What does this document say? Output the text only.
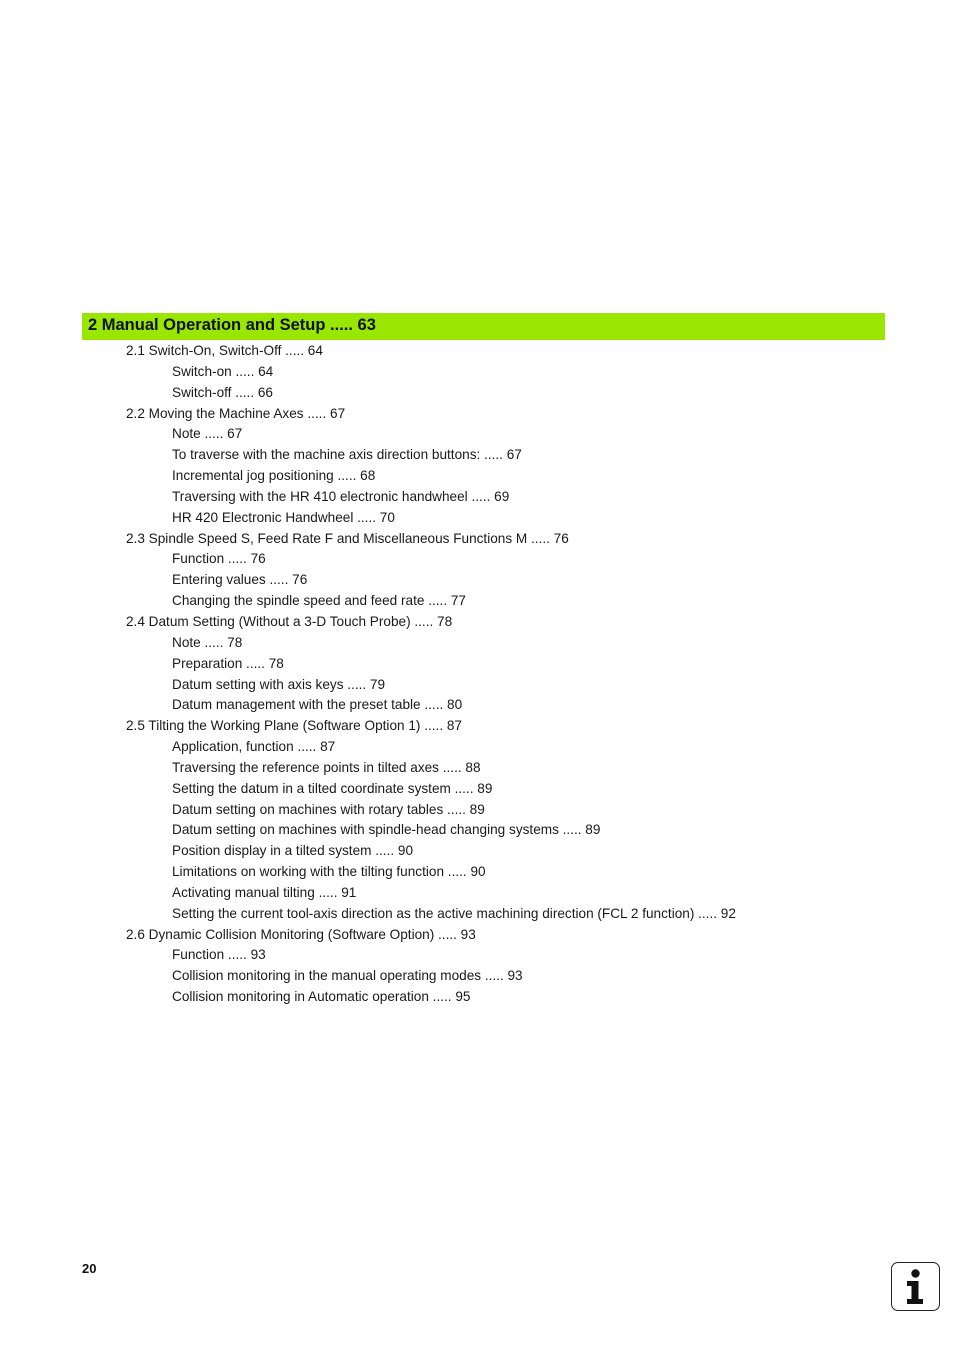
2 Manual Operation and Setup ..... 63
2.1 Switch-On, Switch-Off ..... 64
Switch-on ..... 64
Switch-off ..... 66
2.2 Moving the Machine Axes ..... 67
Note ..... 67
To traverse with the machine axis direction buttons: ..... 67
Incremental jog positioning ..... 68
Traversing with the HR 410 electronic handwheel ..... 69
HR 420 Electronic Handwheel ..... 70
2.3 Spindle Speed S, Feed Rate F and Miscellaneous Functions M ..... 76
Function ..... 76
Entering values ..... 76
Changing the spindle speed and feed rate ..... 77
2.4 Datum Setting (Without a 3-D Touch Probe) ..... 78
Note ..... 78
Preparation ..... 78
Datum setting with axis keys ..... 79
Datum management with the preset table ..... 80
2.5 Tilting the Working Plane (Software Option 1) ..... 87
Application, function ..... 87
Traversing the reference points in tilted axes ..... 88
Setting the datum in a tilted coordinate system ..... 89
Datum setting on machines with rotary tables ..... 89
Datum setting on machines with spindle-head changing systems ..... 89
Position display in a tilted system ..... 90
Limitations on working with the tilting function ..... 90
Activating manual tilting ..... 91
Setting the current tool-axis direction as the active machining direction (FCL 2 function) ..... 92
2.6 Dynamic Collision Monitoring (Software Option) ..... 93
Function ..... 93
Collision monitoring in the manual operating modes ..... 93
Collision monitoring in Automatic operation ..... 95
20
